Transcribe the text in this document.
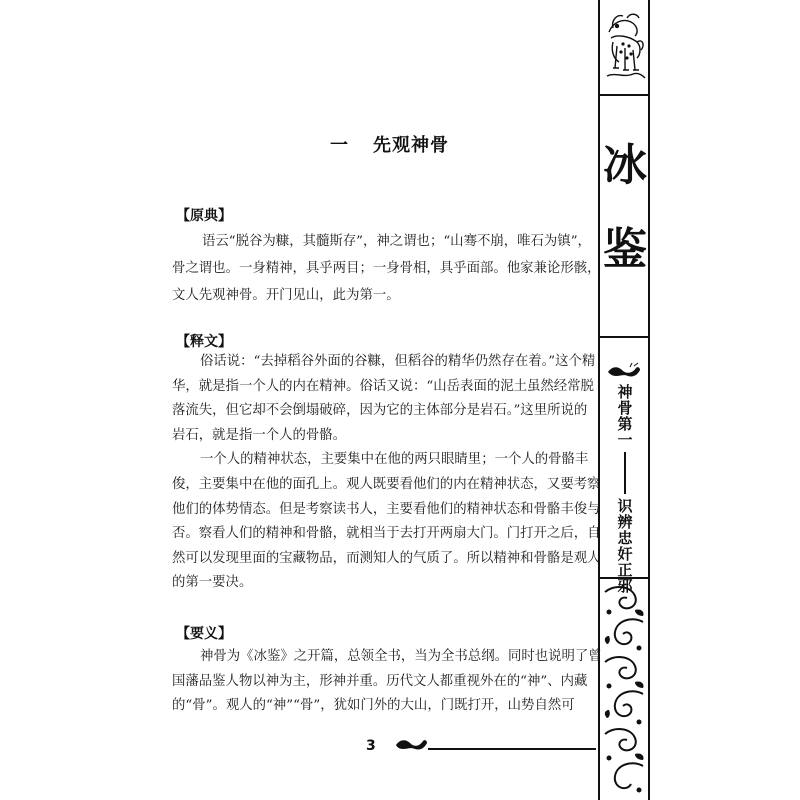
冰
鉴
神
骨
第
一
识
辨
忠
奸
正
邪
一 先观神骨
【原典】

语云“脱谷为糠，其髓斯存”，神之谓也；“山骞不崩，唯石为镇”，

骨之谓也。一身精神，具乎两目；一身骨相，具乎面部。他家兼论形骸，

文人先观神骨。开门见山，此为第一。

【释文】

俗话说：“去掉稻谷外面的谷糠，但稻谷的精华仍然存在着。”这个精

华，就是指一个人的内在精神。俗话又说：“山岳表面的泥土虽然经常脱

落流失，但它却不会倒塌破碎，因为它的主体部分是岩石。”这里所说的

岩石，就是指一个人的骨骼。

一个人的精神状态，主要集中在他的两只眼睛里；一个人的骨骼丰

俊，主要集中在他的面孔上。观人既要看他们的内在精神状态，又要考察

他们的体势情态。但是考察读书人，主要看他们的精神状态和骨骼丰俊与

否。察看人们的精神和骨骼，就相当于去打开两扇大门。门打开之后，自

然可以发现里面的宝藏物品，而测知人的气质了。所以精神和骨骼是观人

的第一要决。

【要义】

神骨为《冰鉴》之开篇，总领全书，当为全书总纲。同时也说明了曾

国藩品鉴人物以神为主，形神并重。历代文人都重视外在的“神”、内藏

的“骨”。观人的“神”“骨”，犹如门外的大山，门既打开，山势自然可

3
